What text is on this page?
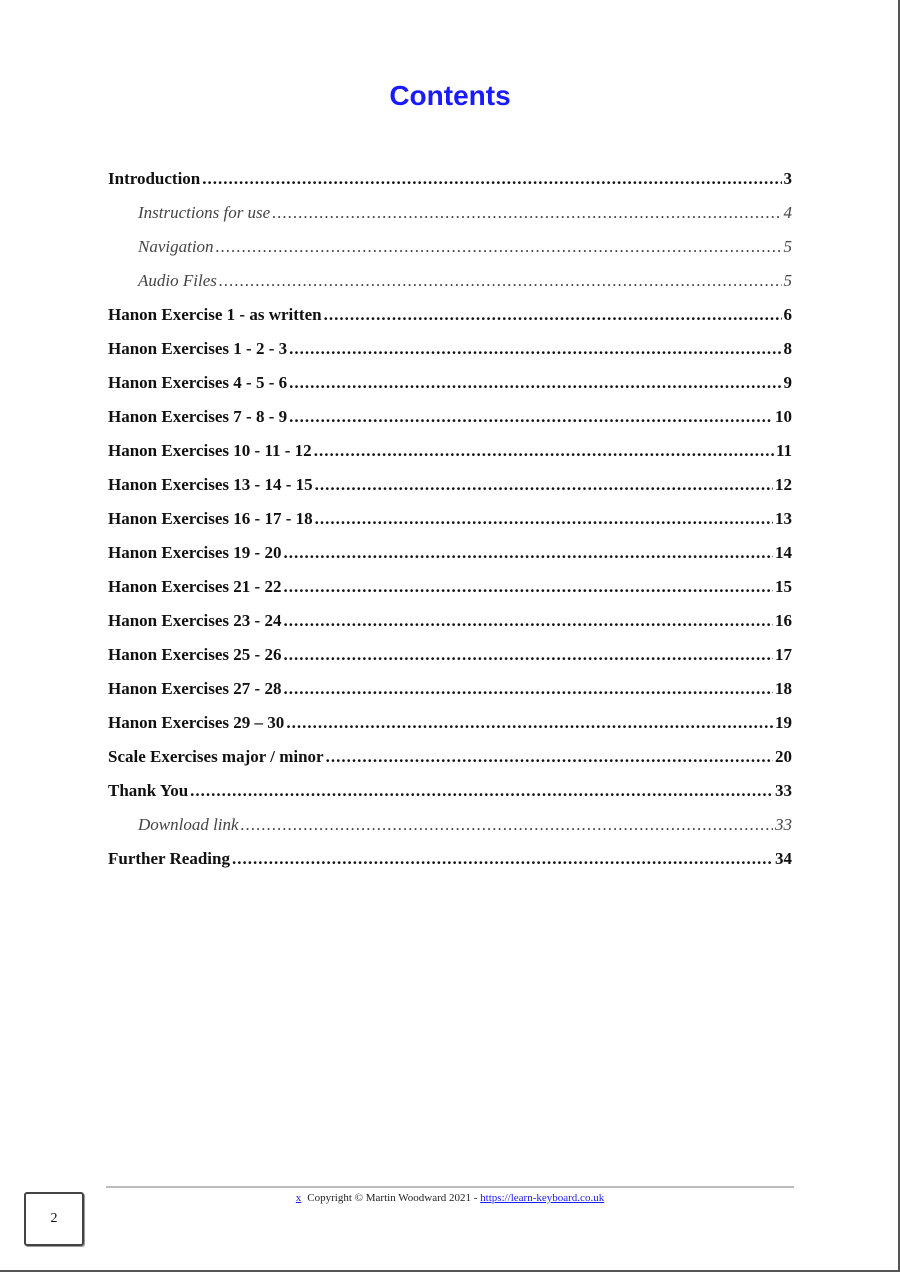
Contents
Introduction .....	3
Instructions for use .....	4
Navigation .....	5
Audio Files .....	5
Hanon Exercise 1 - as written .....	6
Hanon Exercises 1 - 2 - 3 .....	8
Hanon Exercises 4 - 5 - 6 .....	9
Hanon Exercises 7 - 8 - 9 .....	10
Hanon Exercises 10 - 11 - 12 .....	11
Hanon Exercises 13 - 14 - 15 .....	12
Hanon Exercises 16 - 17 - 18 .....	13
Hanon Exercises 19 - 20 .....	14
Hanon Exercises 21 - 22 .....	15
Hanon Exercises 23 - 24 .....	16
Hanon Exercises 25 - 26 .....	17
Hanon Exercises 27 - 28 .....	18
Hanon Exercises 29 – 30 .....	19
Scale Exercises major / minor .....	20
Thank You .....	33
Download link .....	33
Further Reading .....	34
x Copyright © Martin Woodward 2021 - https://learn-keyboard.co.uk
2
